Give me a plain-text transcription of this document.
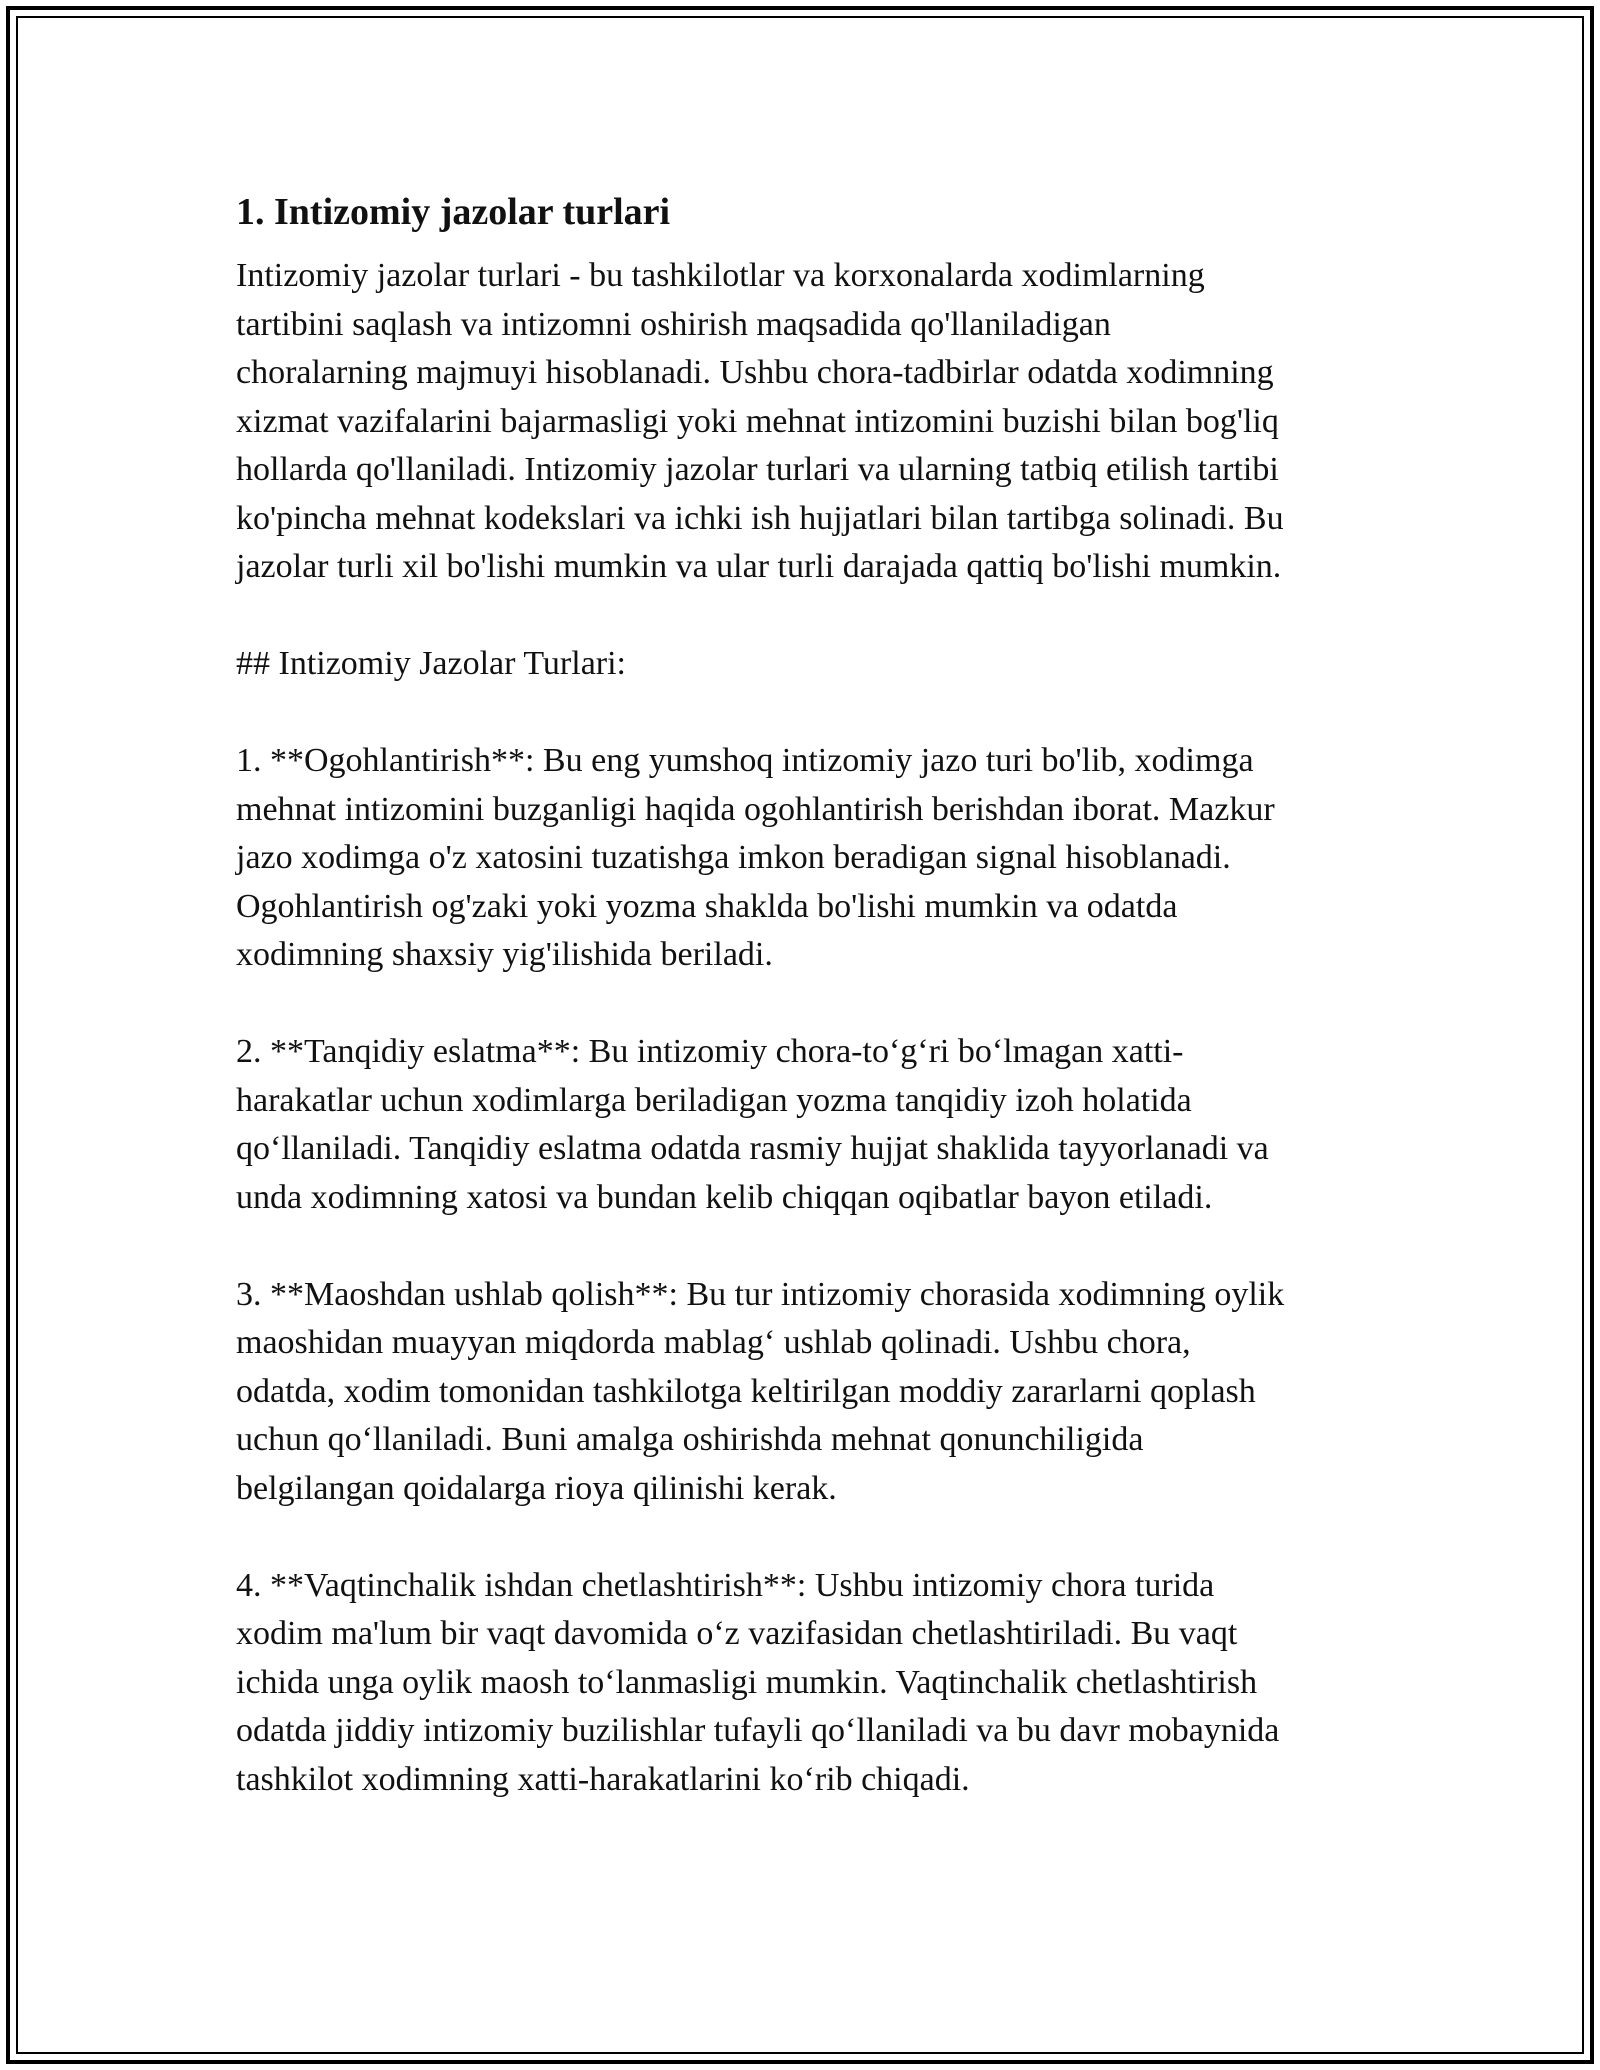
1. Intizomiy jazolar turlari

Intizomiy jazolar turlari - bu tashkilotlar va korxonalarda xodimlarning
tartibini saqlash va intizomni oshirish maqsadida qo'llaniladigan
choralarning majmuyi hisoblanadi. Ushbu chora-tadbirlar odatda xodimning
xizmat vazifalarini bajarmasligi yoki mehnat intizomini buzishi bilan bog'liq
hollarda qo'llaniladi. Intizomiy jazolar turlari va ularning tatbiq etilish tartibi
ko'pincha mehnat kodekslari va ichki ish hujjatlari bilan tartibga solinadi. Bu
jazolar turli xil bo'lishi mumkin va ular turli darajada qattiq bo'lishi mumkin.

## Intizomiy Jazolar Turlari:

1. **Ogohlantirish**: Bu eng yumshoq intizomiy jazo turi bo'lib, xodimga
mehnat intizomini buzganligi haqida ogohlantirish berishdan iborat. Mazkur
jazo xodimga o'z xatosini tuzatishga imkon beradigan signal hisoblanadi.
Ogohlantirish og'zaki yoki yozma shaklda bo'lishi mumkin va odatda
xodimning shaxsiy yig'ilishida beriladi.

2. **Tanqidiy eslatma**: Bu intizomiy chora-to‘g‘ri bo‘lmagan xatti-
harakatlar uchun xodimlarga beriladigan yozma tanqidiy izoh holatida
qo‘llaniladi. Tanqidiy eslatma odatda rasmiy hujjat shaklida tayyorlanadi va
unda xodimning xatosi va bundan kelib chiqqan oqibatlar bayon etiladi.

3. **Maoshdan ushlab qolish**: Bu tur intizomiy chorasida xodimning oylik
maoshidan muayyan miqdorda mablag‘ ushlab qolinadi. Ushbu chora,
odatda, xodim tomonidan tashkilotga keltirilgan moddiy zararlarni qoplash
uchun qo‘llaniladi. Buni amalga oshirishda mehnat qonunchiligida
belgilangan qoidalarga rioya qilinishi kerak.

4. **Vaqtinchalik ishdan chetlashtirish**: Ushbu intizomiy chora turida
xodim ma'lum bir vaqt davomida o‘z vazifasidan chetlashtiriladi. Bu vaqt
ichida unga oylik maosh to‘lanmasligi mumkin. Vaqtinchalik chetlashtirish
odatda jiddiy intizomiy buzilishlar tufayli qo‘llaniladi va bu davr mobaynida
tashkilot xodimning xatti-harakatlarini ko‘rib chiqadi.
